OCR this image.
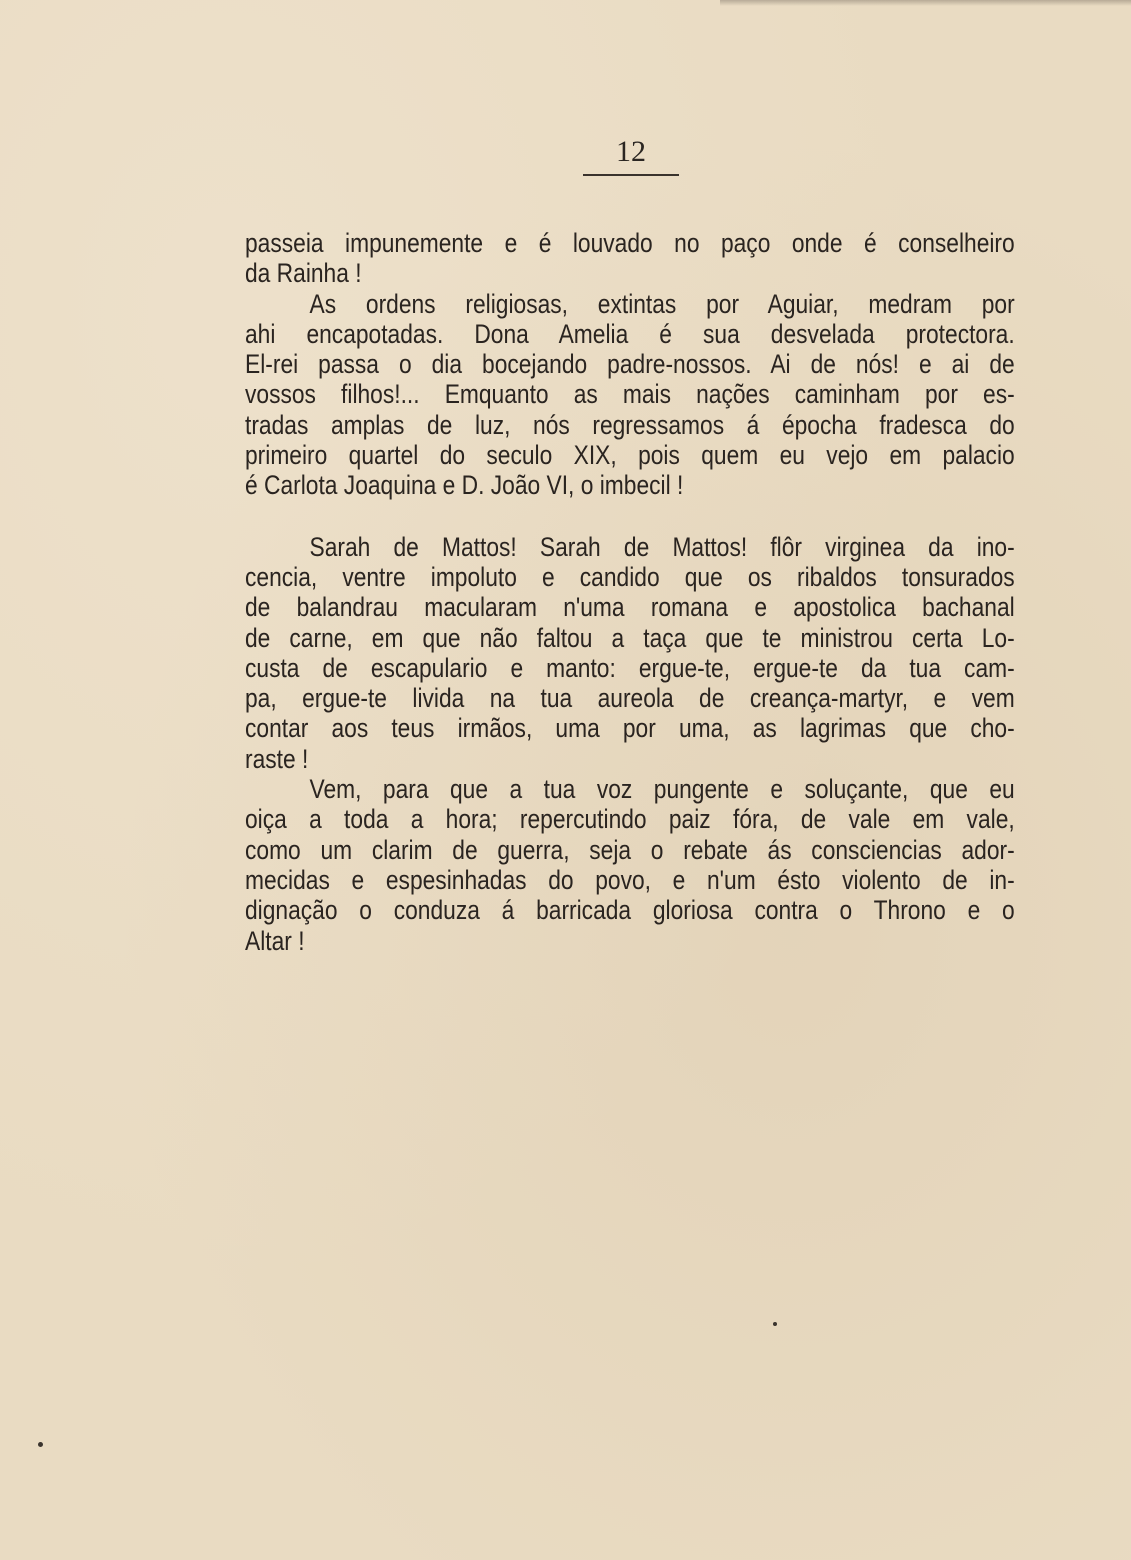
12
passeia impunemente e é louvado no paço onde é conselheiro
da Rainha !
As ordens religiosas, extintas por Aguiar, medram por
ahi encapotadas. Dona Amelia é sua desvelada protectora.
El-rei passa o dia bocejando padre-nossos. Ai de nós! e ai de
vossos filhos!... Emquanto as mais nações caminham por es-
tradas amplas de luz, nós regressamos á épocha fradesca do
primeiro quartel do seculo XIX, pois quem eu vejo em palacio
é Carlota Joaquina e D. João VI, o imbecil !
Sarah de Mattos! Sarah de Mattos! flôr virginea da ino-
cencia, ventre impoluto e candido que os ribaldos tonsurados
de balandrau macularam n'uma romana e apostolica bachanal
de carne, em que não faltou a taça que te ministrou certa Lo-
custa de escapulario e manto: ergue-te, ergue-te da tua cam-
pa, ergue-te livida na tua aureola de creança-martyr, e vem
contar aos teus irmãos, uma por uma, as lagrimas que cho-
raste !
Vem, para que a tua voz pungente e soluçante, que eu
oiça a toda a hora; repercutindo paiz fóra, de vale em vale,
como um clarim de guerra, seja o rebate ás consciencias ador-
mecidas e espesinhadas do povo, e n'um ésto violento de in-
dignação o conduza á barricada gloriosa contra o Throno e o
Altar !
